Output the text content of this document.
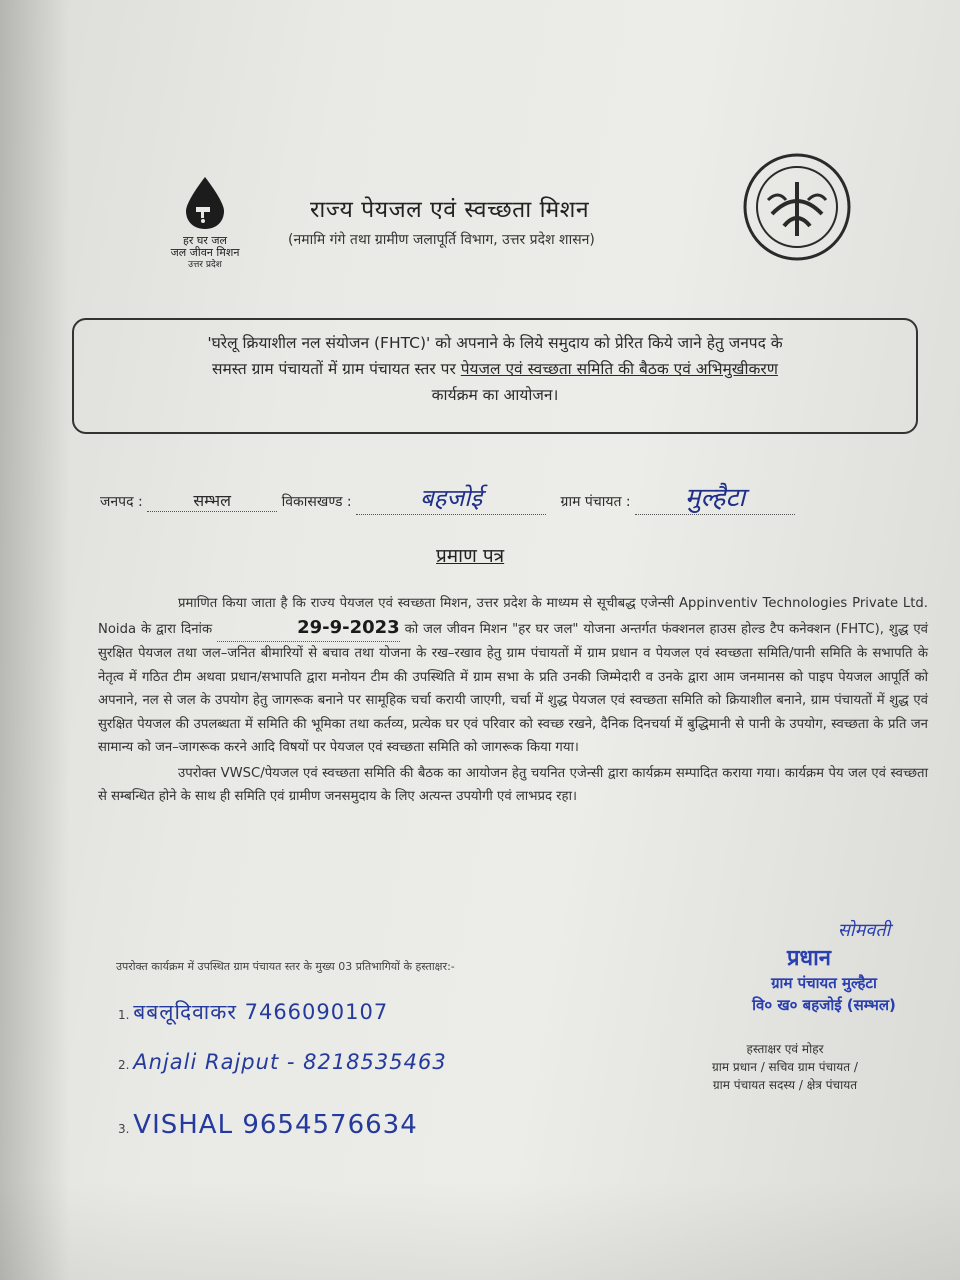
हर घर जल
जल जीवन मिशन
उत्तर प्रदेश
राज्य पेयजल एवं स्वच्छता मिशन
(नमामि गंगे तथा ग्रामीण जलापूर्ति विभाग, उत्तर प्रदेश शासन)
'घरेलू क्रियाशील नल संयोजन (FHTC)' को अपनाने के लिये समुदाय को प्रेरित किये जाने हेतु जनपद के
समस्त ग्राम पंचायतों में ग्राम पंचायत स्तर पर पेयजल एवं स्वच्छता समिति की बैठक एवं अभिमुखीकरण
कार्यक्रम का आयोजन।
जनपद :	सम्भल	विकासखण्ड :	बहजोई	ग्राम पंचायत : मुल्हैटा
प्रमाण पत्र

प्रमाणित किया जाता है कि राज्य पेयजल एवं स्वच्छता मिशन, उत्तर प्रदेश के माध्यम से सूचीबद्ध एजेन्सी Appinventiv Technologies Private Ltd. Noida के द्वारा दिनांक	29-9-2023 को जल जीवन मिशन "हर घर जल" योजना अन्तर्गत फंक्शनल हाउस होल्ड टैप कनेक्शन (FHTC), शुद्ध एवं सुरक्षित पेयजल तथा जल–जनित बीमारियों से बचाव तथा योजना के रख–रखाव हेतु ग्राम पंचायतों में ग्राम प्रधान व पेयजल एवं स्वच्छता समिति/पानी समिति के सभापति के नेतृत्व में गठित टीम अथवा प्रधान/सभापति द्वारा मनोयन टीम की उपस्थिति में ग्राम सभा के प्रति उनकी जिम्मेदारी व उनके द्वारा आम जनमानस को पाइप पेयजल आपूर्ति को अपनाने, नल से जल के उपयोग हेतु जागरूक बनाने पर सामूहिक चर्चा करायी जाएगी, चर्चा में शुद्ध पेयजल एवं स्वच्छता समिति को क्रियाशील बनाने, ग्राम पंचायतों में शुद्ध एवं सुरक्षित पेयजल की उपलब्धता में समिति की भूमिका तथा कर्तव्य, प्रत्येक घर एवं परिवार को स्वच्छ रखने, दैनिक दिनचर्या में बुद्धिमानी से पानी के उपयोग, स्वच्छता के प्रति जन सामान्य को जन–जागरूक करने आदि विषयों पर पेयजल एवं स्वच्छता समिति को जागरूक किया गया।

उपरोक्त VWSC/पेयजल एवं स्वच्छता समिति की बैठक का आयोजन हेतु चयनित एजेन्सी द्वारा कार्यक्रम सम्पादित कराया गया। कार्यक्रम पेय जल एवं स्वच्छता से सम्बन्धित होने के साथ ही समिति एवं ग्रामीण जनसमुदाय के लिए अत्यन्त उपयोगी एवं लाभप्रद रहा।

उपरोक्त कार्यक्रम में उपस्थित ग्राम पंचायत स्तर के मुख्य 03 प्रतिभागियों के हस्ताक्षर:-
1. बबलूदिवाकर 7466090107
2. Anjali Rajput - 8218535463
3. VISHAL 9654576634
सोमवती
प्रधान
ग्राम पंचायत मुल्हैटा
वि० ख० बहजोई (सम्भल)
हस्ताक्षर एवं मोहर
ग्राम प्रधान / सचिव ग्राम पंचायत /
ग्राम पंचायत सदस्य / क्षेत्र पंचायत
